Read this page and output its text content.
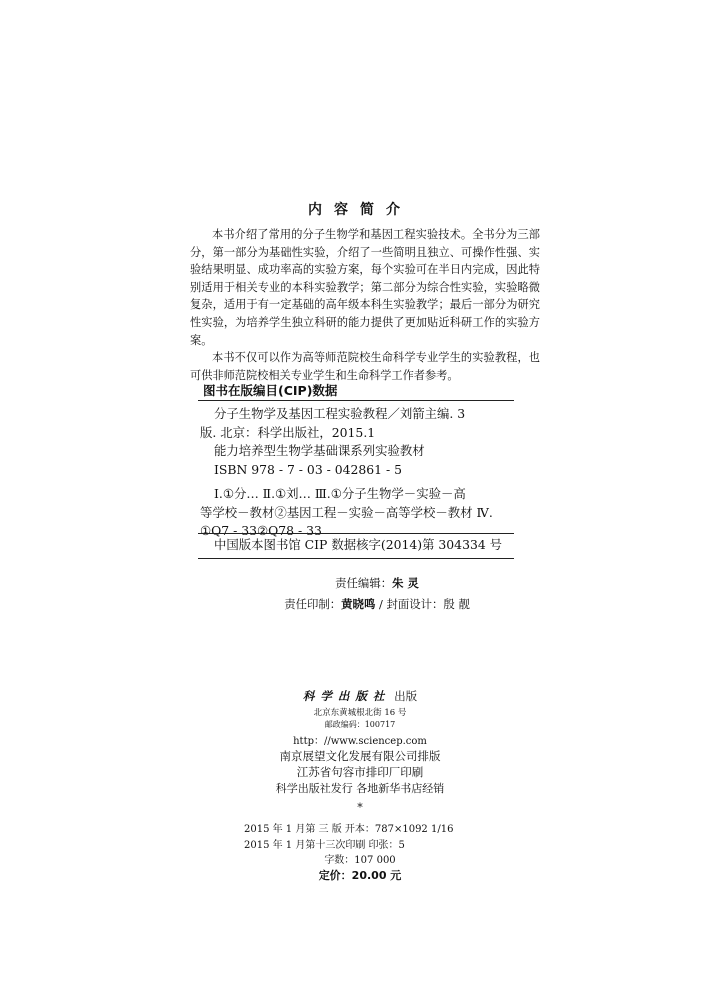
内容简介

本书介绍了常用的分子生物学和基因工程实验技术。全书分为三部分，第一部分为基础性实验，介绍了一些简明且独立、可操作性强、实验结果明显、成功率高的实验方案，每个实验可在半日内完成，因此特别适用于相关专业的本科实验教学；第二部分为综合性实验，实验略微复杂，适用于有一定基础的高年级本科生实验教学；最后一部分为研究性实验，为培养学生独立科研的能力提供了更加贴近科研工作的实验方案。

本书不仅可以作为高等师范院校生命科学专业学生的实验教程，也可供非师范院校相关专业学生和生命科学工作者参考。

图书在版编目(CIP)数据
分子生物学及基因工程实验教程／刘箭主编. 3
版. 北京：科学出版社，2015.1
能力培养型生物学基础课系列实验教材
ISBN 978 - 7 - 03 - 042861 - 5
Ⅰ.①分… Ⅱ.①刘… Ⅲ.①分子生物学－实验－高
等学校－教材②基因工程－实验－高等学校－教材 Ⅳ.
①Q7 - 33②Q78 - 33
中国版本图书馆 CIP 数据核字(2014)第 304334 号
责任编辑：朱 灵
责任印制：黄晓鸣 / 封面设计：殷 靓
科学出版社 出版
北京东黄城根北街 16 号
邮政编码：100717
http：//www.sciencep.com
南京展望文化发展有限公司排版
江苏省句容市排印厂印刷
科学出版社发行 各地新华书店经销
*
2015 年 1 月第 三 版 开本：787×1092 1/16
2015 年 1 月第十三次印刷 印张：5
字数：107 000
定价：20.00 元
